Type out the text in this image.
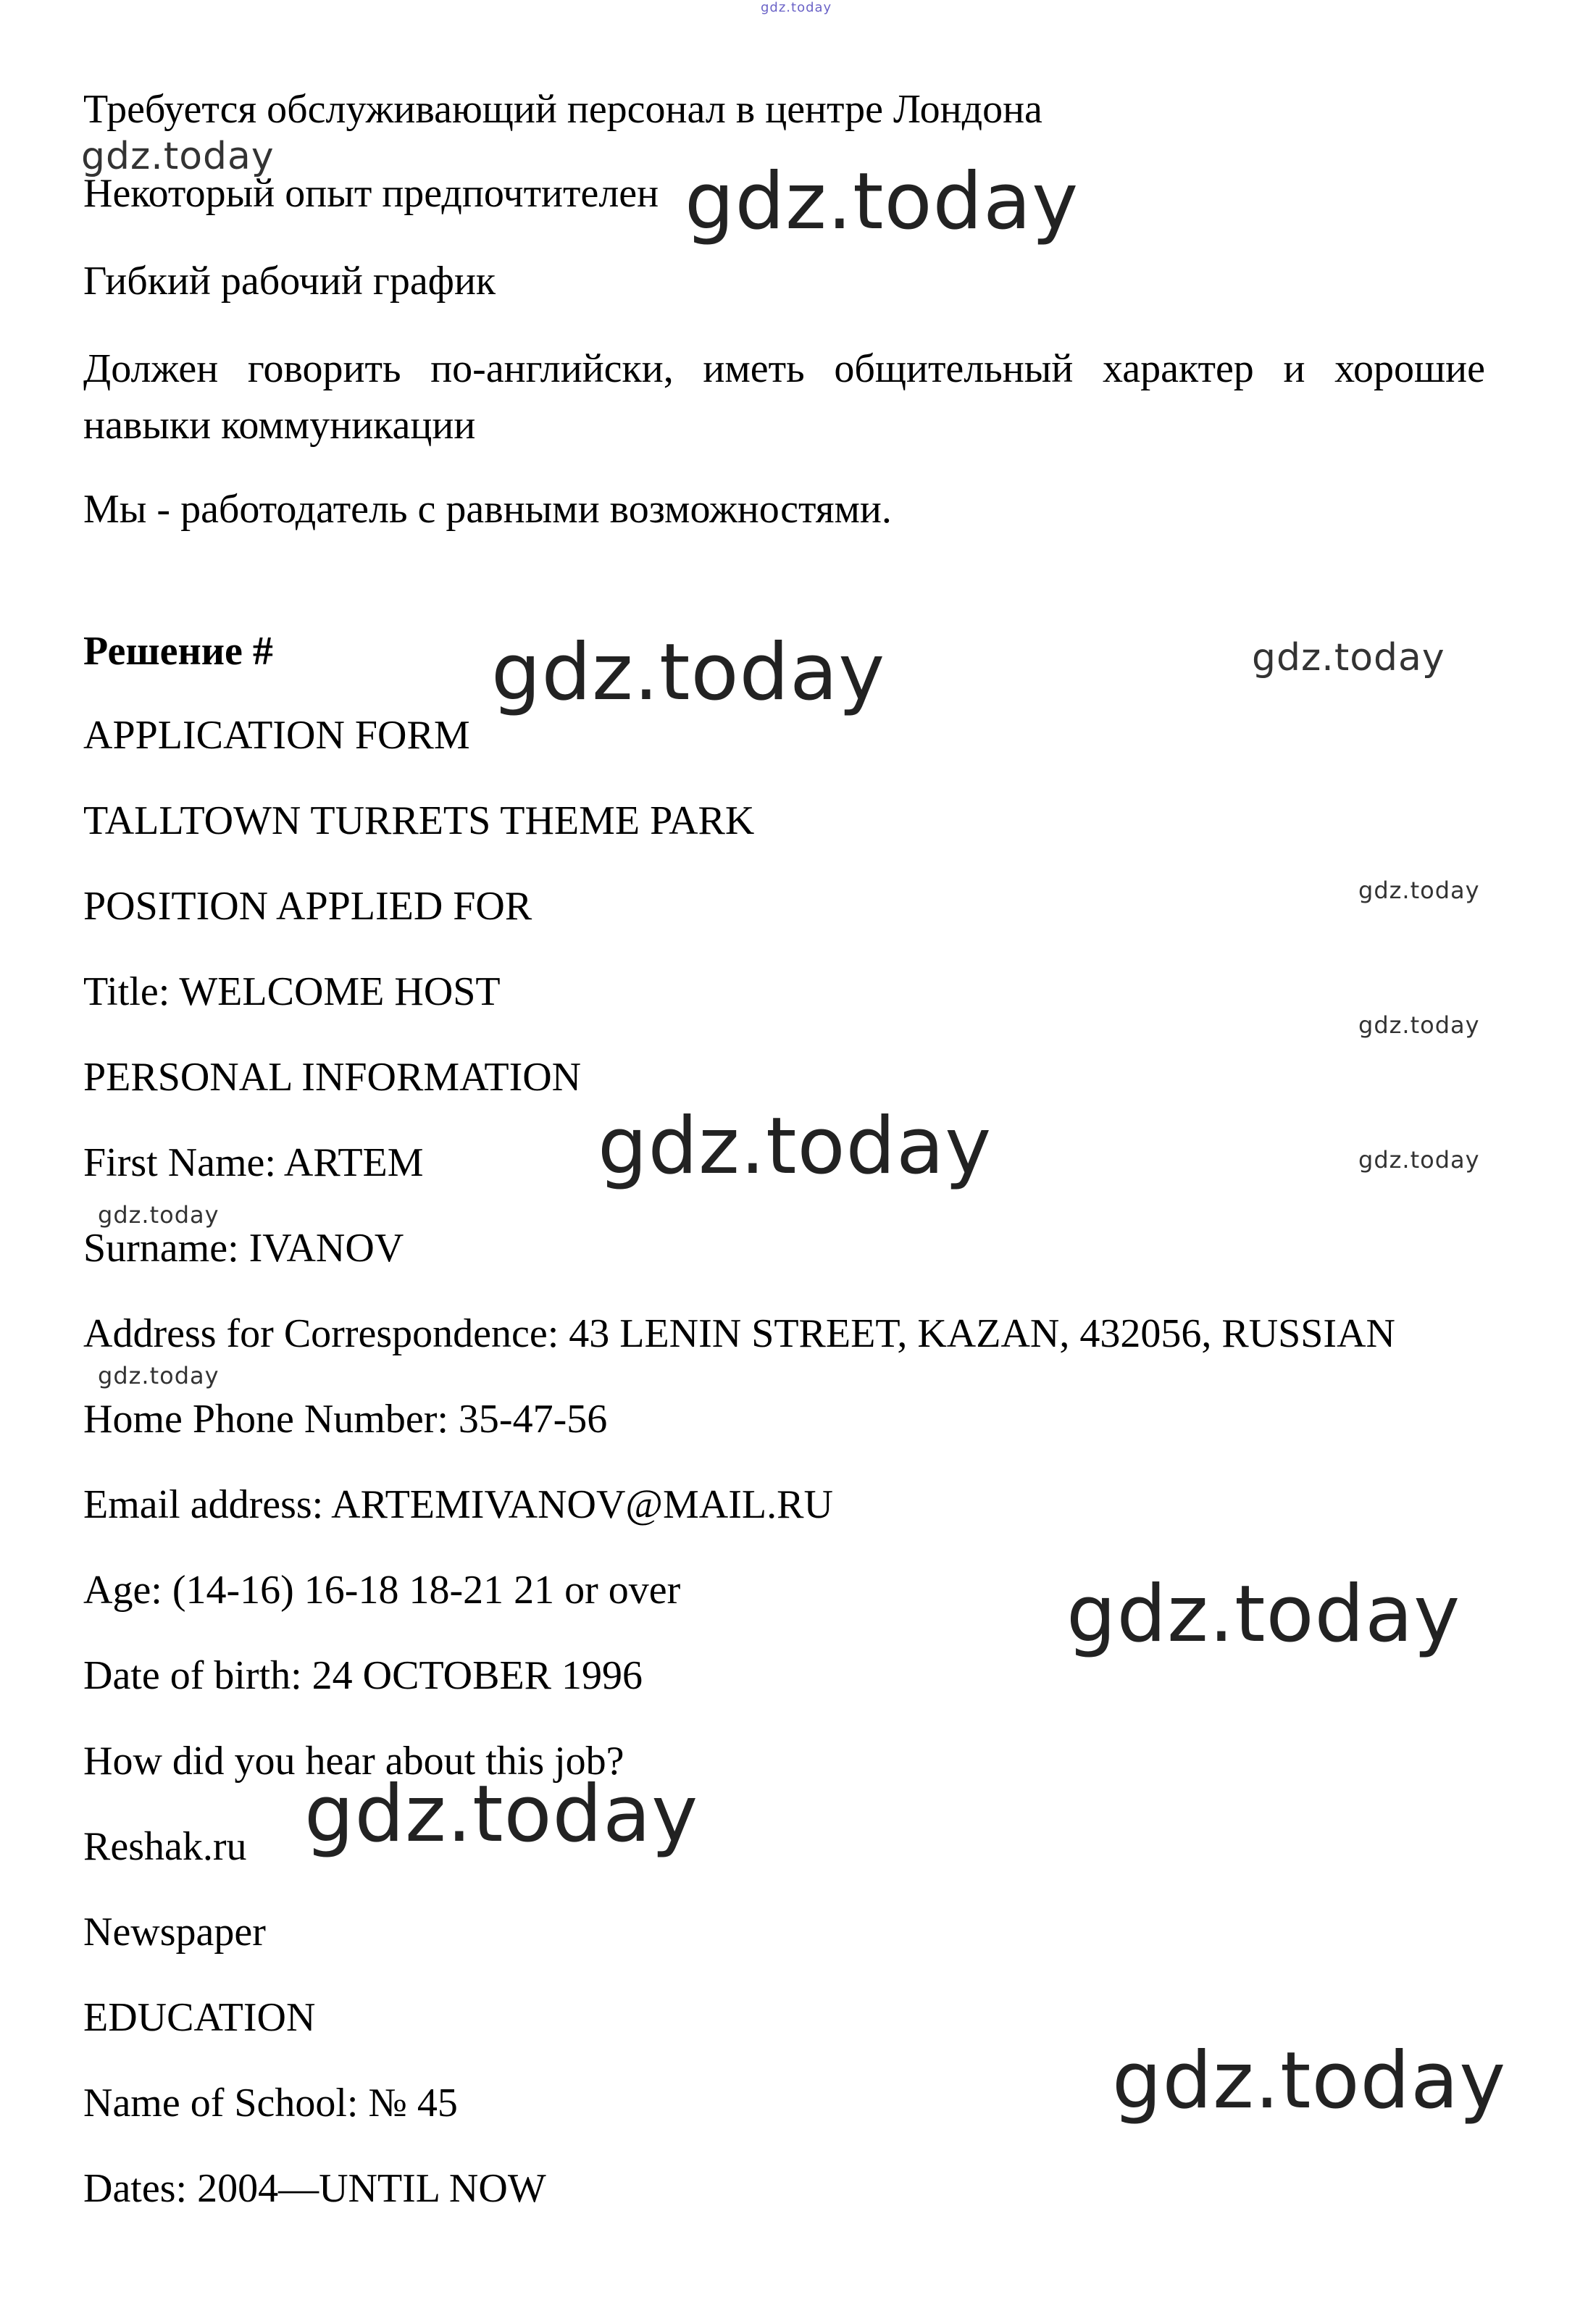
gdz.today

Требуется обслуживающий персонал в центре Лондона

Некоторый опыт предпочтителен

Гибкий рабочий график

Должен говорить по-английски, иметь общительный характер и хорошие навыки коммуникации

Мы - работодатель с равными возможностями.

Решение #

APPLICATION FORM

TALLTOWN TURRETS THEME PARK

POSITION APPLIED FOR

Title: WELCOME HOST

PERSONAL INFORMATION

First Name: ARTEM

Surname: IVANOV

Address for Correspondence: 43 LENIN STREET, KAZAN, 432056, RUSSIAN

Home Phone Number: 35-47-56

Email address: ARTEMIVANOV@MAIL.RU

Age: (14-16) 16-18 18-21 21 or over

Date of birth: 24 OCTOBER 1996

How did you hear about this job?

Reshak.ru

Newspaper

EDUCATION

Name of School: № 45

Dates: 2004—UNTIL NOW

gdz.today	gdz.today
gdz.today	gdz.today
gdz.today
gdz.today
gdz.today	gdz.today
gdz.today
gdz.today
gdz.today
gdz.today
gdz.today
